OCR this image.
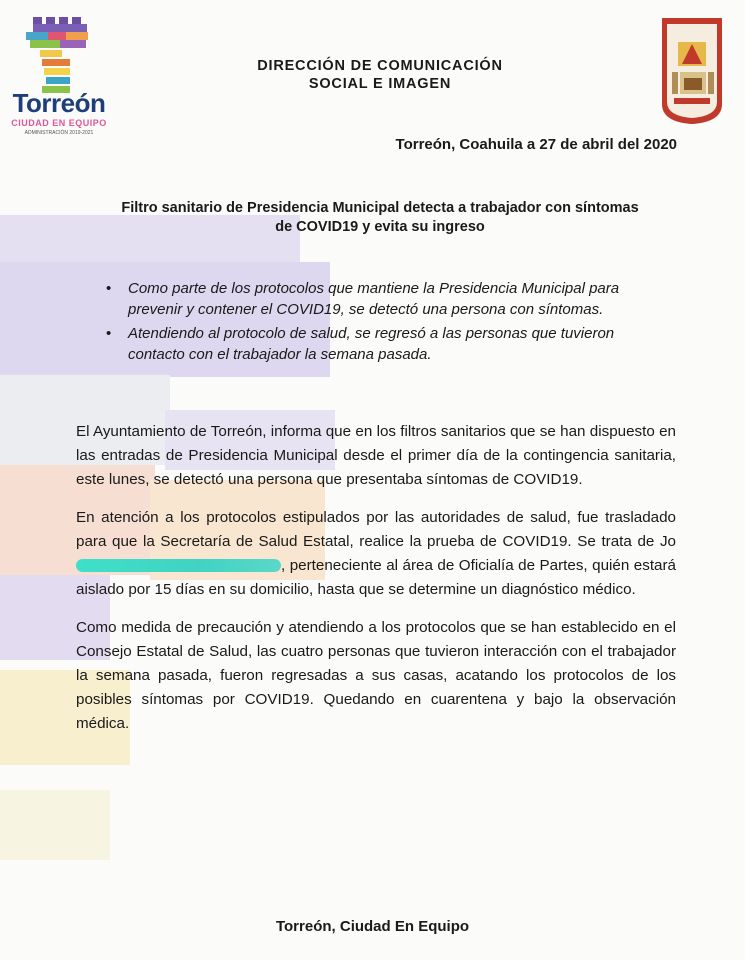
Torreón
CIUDAD EN EQUIPO
ADMINISTRACIÓN 2019-2021
DIRECCIÓN DE COMUNICACIÓN
SOCIAL E IMAGEN
Torreón, Coahuila a 27 de abril del 2020
Filtro sanitario de Presidencia Municipal detecta a trabajador con síntomas
de COVID19 y evita su ingreso
• Como parte de los protocolos que mantiene la Presidencia Municipal para prevenir y contener el COVID19, se detectó una persona con síntomas.
• Atendiendo al protocolo de salud, se regresó a las personas que tuvieron contacto con el trabajador la semana pasada.

El Ayuntamiento de Torreón, informa que en los filtros sanitarios que se han dispuesto en las entradas de Presidencia Municipal desde el primer día de la contingencia sanitaria, este lunes, se detectó una persona que presentaba síntomas de COVID19.

En atención a los protocolos estipulados por las autoridades de salud, fue trasladado para que la Secretaría de Salud Estatal, realice la prueba de COVID19. Se trata de Jo, perteneciente al área de Oficialía de Partes, quién estará aislado por 15 días en su domicilio, hasta que se determine un diagnóstico médico.

Como medida de precaución y atendiendo a los protocolos que se han establecido en el Consejo Estatal de Salud, las cuatro personas que tuvieron interacción con el trabajador la semana pasada, fueron regresadas a sus casas, acatando los protocolos de los posibles síntomas por COVID19. Quedando en cuarentena y bajo la observación médica.

Torreón, Ciudad En Equipo
